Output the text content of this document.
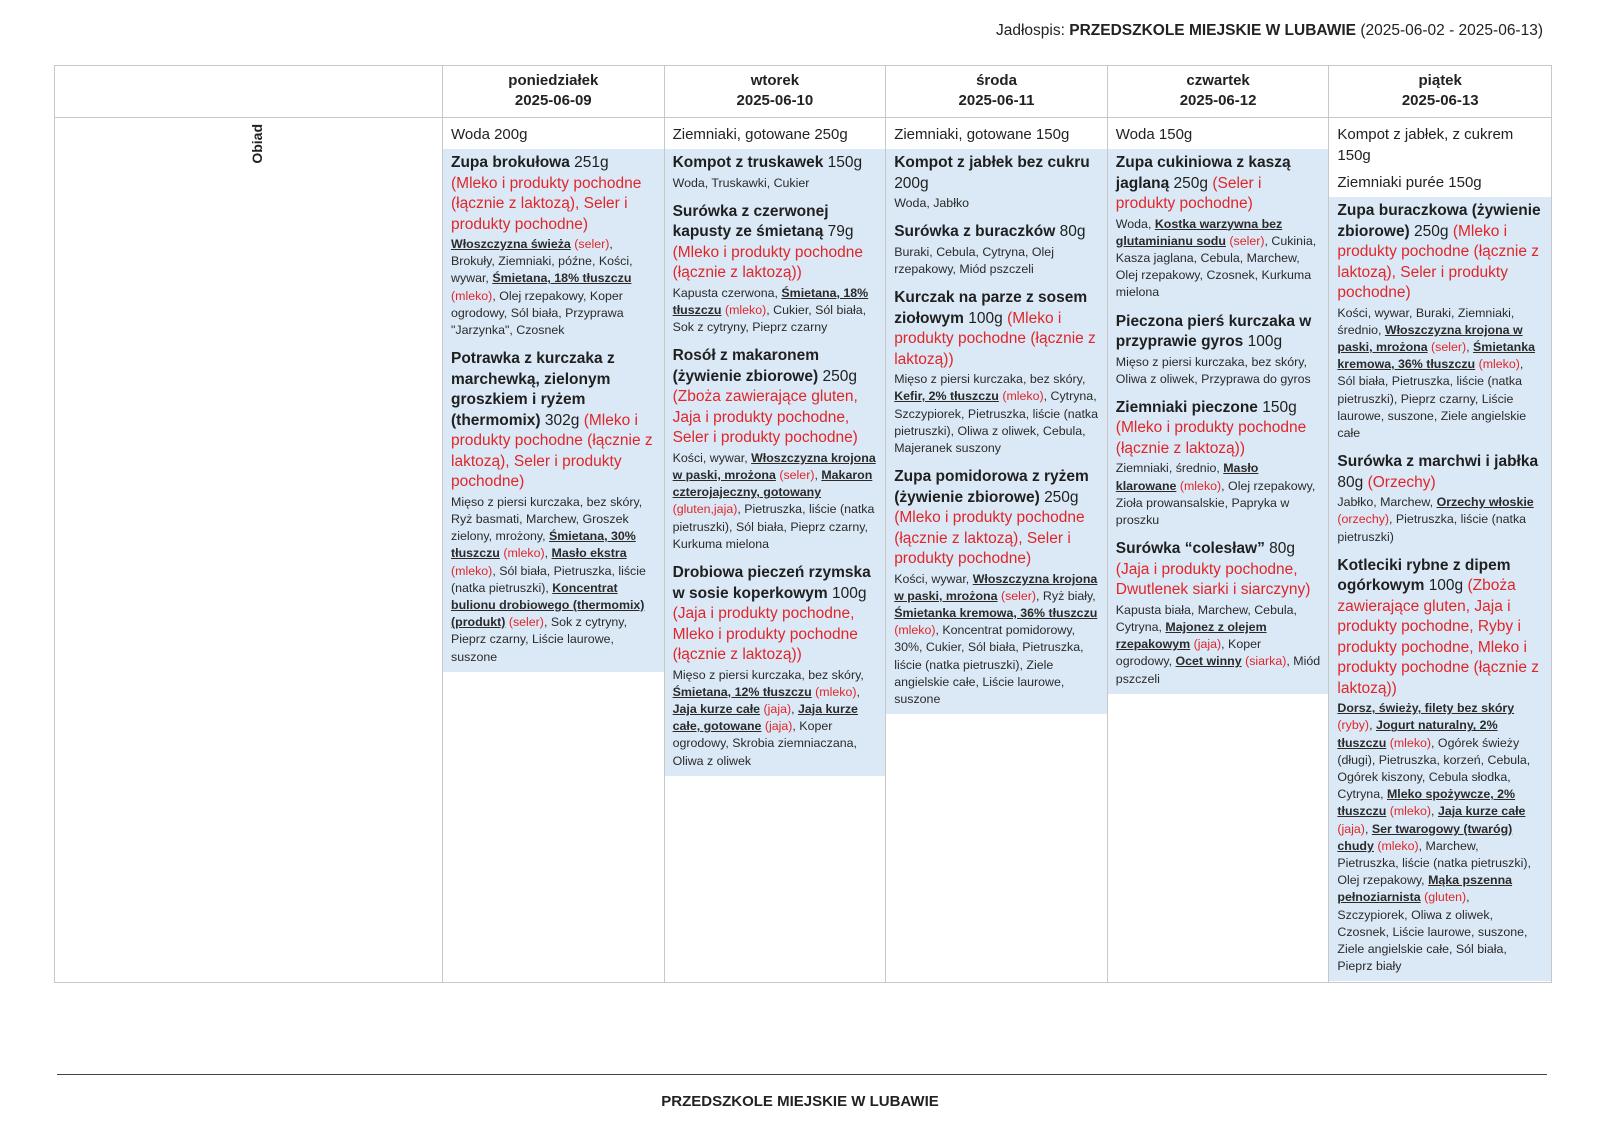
Jadłospis: PRZEDSZKOLE MIEJSKIE W LUBAWIE (2025-06-02 - 2025-06-13)
poniedziałek
2025-06-09
wtorek
2025-06-10
środa
2025-06-11
czwartek
2025-06-12
piątek
2025-06-13
Obiad	Woda 200g
Zupa brokułowa 251g (Mleko i produkty pochodne (łącznie z laktozą), Seler i produkty pochodne)
Włoszczyzna świeża (seler), Brokuły, Ziemniaki, późne, Kości, wywar, Śmietana, 18% tłuszczu (mleko), Olej rzepakowy, Koper ogrodowy, Sól biała, Przyprawa "Jarzynka", Czosnek
Potrawka z kurczaka z marchewką, zielonym groszkiem i ryżem (thermomix) 302g (Mleko i produkty pochodne (łącznie z laktozą), Seler i produkty pochodne)
Mięso z piersi kurczaka, bez skóry, Ryż basmati, Marchew, Groszek zielony, mrożony, Śmietana, 30% tłuszczu (mleko), Masło ekstra (mleko), Sól biała, Pietruszka, liście (natka pietruszki), Koncentrat bulionu drobiowego (thermomix) (produkt) (seler), Sok z cytryny, Pieprz czarny, Liście laurowe, suszone
Ziemniaki, gotowane 250g
Kompot z truskawek 150g
Woda, Truskawki, Cukier
Surówka z czerwonej kapusty ze śmietaną 79g (Mleko i produkty pochodne (łącznie z laktozą))
Kapusta czerwona, Śmietana, 18% tłuszczu (mleko), Cukier, Sól biała, Sok z cytryny, Pieprz czarny
Rosół z makaronem (żywienie zbiorowe) 250g (Zboża zawierające gluten, Jaja i produkty pochodne, Seler i produkty pochodne)
Kości, wywar, Włoszczyzna krojona w paski, mrożona (seler), Makaron czterojajeczny, gotowany (gluten,jaja), Pietruszka, liście (natka pietruszki), Sól biała, Pieprz czarny, Kurkuma mielona
Drobiowa pieczeń rzymska w sosie koperkowym 100g (Jaja i produkty pochodne, Mleko i produkty pochodne (łącznie z laktozą))
Mięso z piersi kurczaka, bez skóry, Śmietana, 12% tłuszczu (mleko), Jaja kurze całe (jaja), Jaja kurze całe, gotowane (jaja), Koper ogrodowy, Skrobia ziemniaczana, Oliwa z oliwek
Ziemniaki, gotowane 150g
Kompot z jabłek bez cukru 200g
Woda, Jabłko
Surówka z buraczków 80g
Buraki, Cebula, Cytryna, Olej rzepakowy, Miód pszczeli
Kurczak na parze z sosem ziołowym 100g (Mleko i produkty pochodne (łącznie z laktozą))
Mięso z piersi kurczaka, bez skóry, Kefir, 2% tłuszczu (mleko), Cytryna, Szczypiorek, Pietruszka, liście (natka pietruszki), Oliwa z oliwek, Cebula, Majeranek suszony
Zupa pomidorowa z ryżem (żywienie zbiorowe) 250g (Mleko i produkty pochodne (łącznie z laktozą), Seler i produkty pochodne)
Kości, wywar, Włoszczyzna krojona w paski, mrożona (seler), Ryż biały, Śmietanka kremowa, 36% tłuszczu (mleko), Koncentrat pomidorowy, 30%, Cukier, Sól biała, Pietruszka, liście (natka pietruszki), Ziele angielskie całe, Liście laurowe, suszone
Woda 150g
Zupa cukiniowa z kaszą jaglaną 250g (Seler i produkty pochodne)
Woda, Kostka warzywna bez glutaminianu sodu (seler), Cukinia, Kasza jaglana, Cebula, Marchew, Olej rzepakowy, Czosnek, Kurkuma mielona
Pieczona pierś kurczaka w przyprawie gyros 100g
Mięso z piersi kurczaka, bez skóry, Oliwa z oliwek, Przyprawa do gyros
Ziemniaki pieczone 150g (Mleko i produkty pochodne (łącznie z laktozą))
Ziemniaki, średnio, Masło klarowane (mleko), Olej rzepakowy, Zioła prowansalskie, Papryka w proszku
Surówka “colesław” 80g (Jaja i produkty pochodne, Dwutlenek siarki i siarczyny)
Kapusta biała, Marchew, Cebula, Cytryna, Majonez z olejem rzepakowym (jaja), Koper ogrodowy, Ocet winny (siarka), Miód pszczeli
Kompot z jabłek, z cukrem 150g
Ziemniaki purée 150g
Zupa buraczkowa (żywienie zbiorowe) 250g (Mleko i produkty pochodne (łącznie z laktozą), Seler i produkty pochodne)
Kości, wywar, Buraki, Ziemniaki, średnio, Włoszczyzna krojona w paski, mrożona (seler), Śmietanka kremowa, 36% tłuszczu (mleko), Sól biała, Pietruszka, liście (natka pietruszki), Pieprz czarny, Liście laurowe, suszone, Ziele angielskie całe
Surówka z marchwi i jabłka 80g (Orzechy)
Jabłko, Marchew, Orzechy włoskie (orzechy), Pietruszka, liście (natka pietruszki)
Kotleciki rybne z dipem ogórkowym 100g (Zboża zawierające gluten, Jaja i produkty pochodne, Ryby i produkty pochodne, Mleko i produkty pochodne (łącznie z laktozą))
Dorsz, świeży, filety bez skóry (ryby), Jogurt naturalny, 2% tłuszczu (mleko), Ogórek świeży (długi), Pietruszka, korzeń, Cebula, Ogórek kiszony, Cebula słodka, Cytryna, Mleko spożywcze, 2% tłuszczu (mleko), Jaja kurze całe (jaja), Ser twarogowy (twaróg) chudy (mleko), Marchew, Pietruszka, liście (natka pietruszki), Olej rzepakowy, Mąka pszenna pełnoziarnista (gluten), Szczypiorek, Oliwa z oliwek, Czosnek, Liście laurowe, suszone, Ziele angielskie całe, Sól biała, Pieprz biały
PRZEDSZKOLE MIEJSKIE W LUBAWIE
